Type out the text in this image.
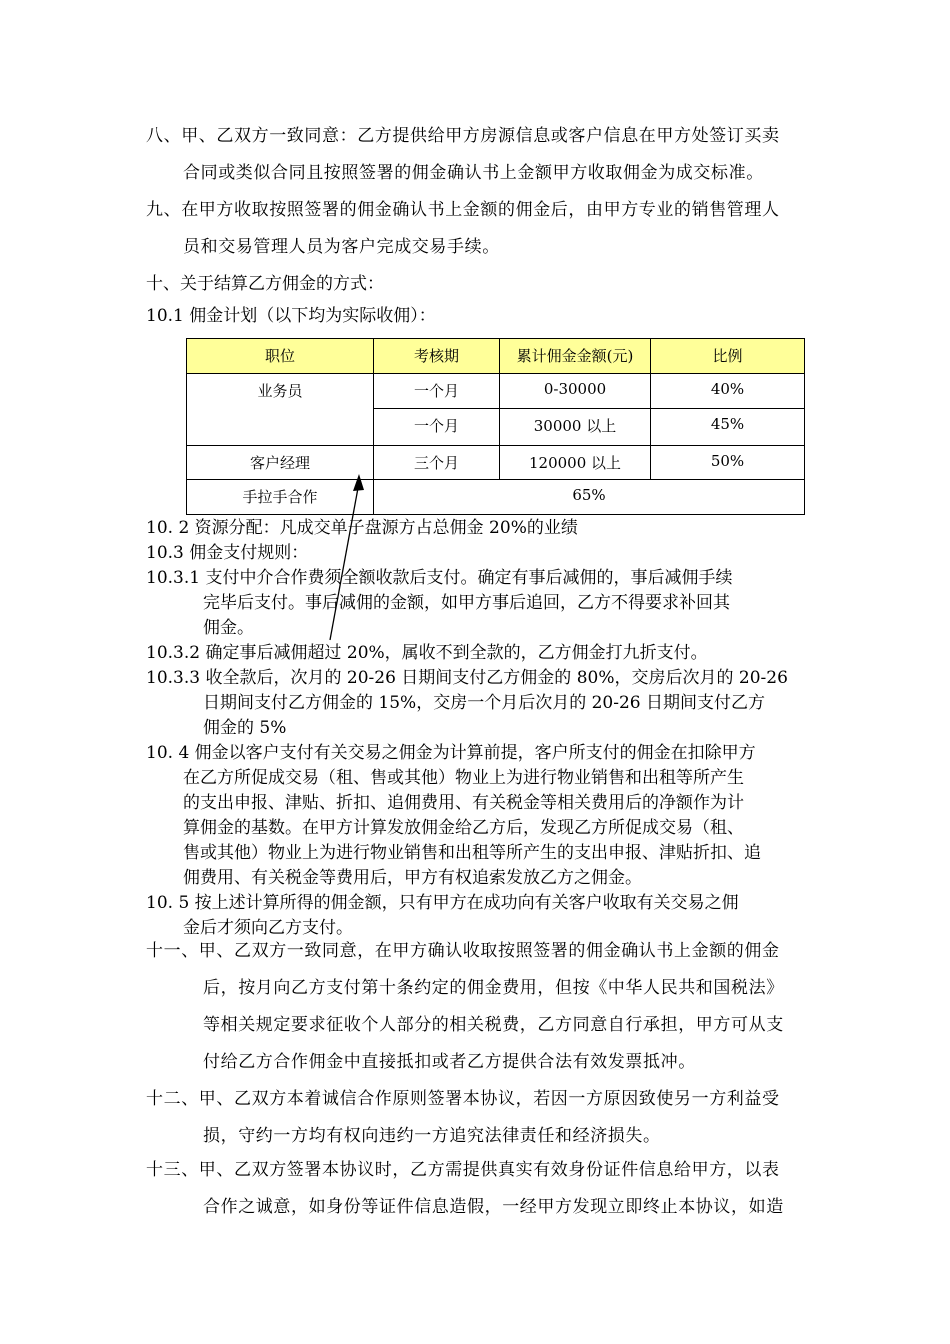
八、甲、乙双方一致同意：乙方提供给甲方房源信息或客户信息在甲方处签订买卖
合同或类似合同且按照签署的佣金确认书上金额甲方收取佣金为成交标准。
九、在甲方收取按照签署的佣金确认书上金额的佣金后，由甲方专业的销售管理人
员和交易管理人员为客户完成交易手续。
十、关于结算乙方佣金的方式：
10.1 佣金计划（以下均为实际收佣）：
职位	考核期	累计佣金金额(元)	比例
业务员	一个月	0-30000	40%
	一个月	30000 以上	45%
客户经理	三个月	120000 以上	50%
手拉手合作	65%		
10. 2 资源分配：凡成交单子盘源方占总佣金 20%的业绩
10.3 佣金支付规则：
10.3.1 支付中介合作费须全额收款后支付。确定有事后减佣的，事后减佣手续
完毕后支付。事后减佣的金额，如甲方事后追回，乙方不得要求补回其
佣金。
10.3.2 确定事后减佣超过 20%，属收不到全款的，乙方佣金打九折支付。
10.3.3 收全款后，次月的 20-26 日期间支付乙方佣金的 80%，交房后次月的 20-26
日期间支付乙方佣金的 15%，交房一个月后次月的 20-26 日期间支付乙方
佣金的 5%
10. 4 佣金以客户支付有关交易之佣金为计算前提，客户所支付的佣金在扣除甲方
在乙方所促成交易（租、售或其他）物业上为进行物业销售和出租等所产生
的支出申报、津贴、折扣、追佣费用、有关税金等相关费用后的净额作为计
算佣金的基数。在甲方计算发放佣金给乙方后，发现乙方所促成交易（租、
售或其他）物业上为进行物业销售和出租等所产生的支出申报、津贴折扣、追
佣费用、有关税金等费用后，甲方有权追索发放乙方之佣金。
10. 5 按上述计算所得的佣金额，只有甲方在成功向有关客户收取有关交易之佣
金后才须向乙方支付。
十一、甲、乙双方一致同意，在甲方确认收取按照签署的佣金确认书上金额的佣金
后，按月向乙方支付第十条约定的佣金费用，但按《中华人民共和国税法》
等相关规定要求征收个人部分的相关税费，乙方同意自行承担，甲方可从支
付给乙方合作佣金中直接抵扣或者乙方提供合法有效发票抵冲。
十二、甲、乙双方本着诚信合作原则签署本协议，若因一方原因致使另一方利益受
损，守约一方均有权向违约一方追究法律责任和经济损失。
十三、甲、乙双方签署本协议时，乙方需提供真实有效身份证件信息给甲方，以表
合作之诚意，如身份等证件信息造假，一经甲方发现立即终止本协议，如造
